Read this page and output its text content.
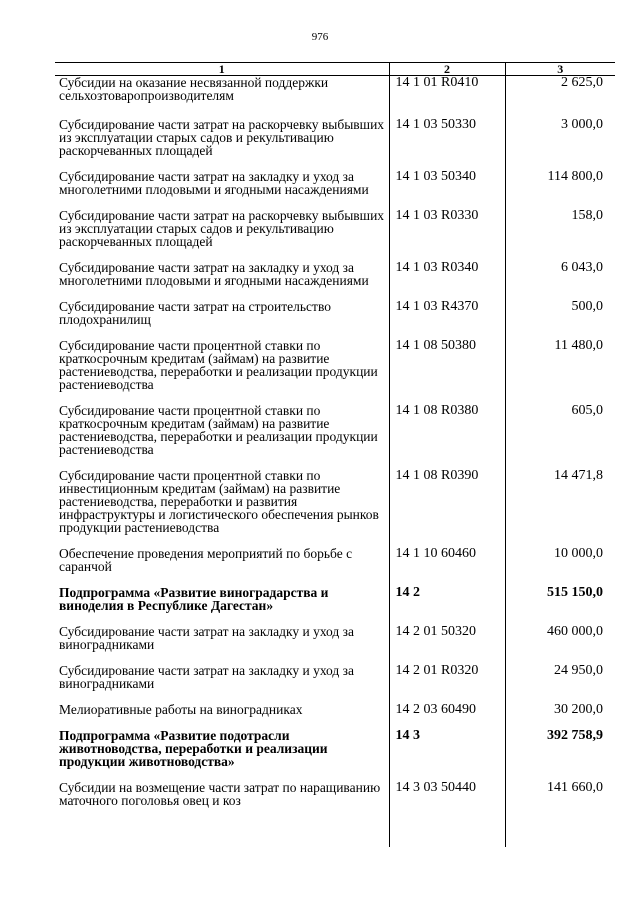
976
1	2	3
Субсидии на оказание несвязанной поддержки сельхозтоваропроизводителям	14 1 01 R0410	2 625,0
Субсидирование части затрат на раскорчевку выбывших из эксплуатации старых садов и рекультивацию раскорчеванных площадей	14 1 03 50330	3 000,0
Субсидирование части затрат на закладку и уход за многолетними плодовыми и ягодными насаждениями	14 1 03 50340	114 800,0
Субсидирование части затрат на раскорчевку выбывших из эксплуатации старых садов и рекультивацию раскорчеванных площадей	14 1 03 R0330	158,0
Субсидирование части затрат на закладку и уход за многолетними плодовыми и ягодными насаждениями	14 1 03 R0340	6 043,0
Субсидирование части затрат на строительство плодохранилищ	14 1 03 R4370	500,0
Субсидирование части процентной ставки по краткосрочным кредитам (займам) на развитие растениеводства, переработки и реализации продукции растениеводства	14 1 08 50380	11 480,0
Субсидирование части процентной ставки по краткосрочным кредитам (займам) на развитие растениеводства, переработки и реализации продукции растениеводства	14 1 08 R0380	605,0
Субсидирование части процентной ставки по инвестиционным кредитам (займам) на развитие растениеводства, переработки и развития инфраструктуры и логистического обеспечения рынков продукции растениеводства	14 1 08 R0390	14 471,8
Обеспечение проведения мероприятий по борьбе с саранчой	14 1 10 60460	10 000,0
Подпрограмма «Развитие виноградарства и виноделия в Республике Дагестан»	14 2	515 150,0
Субсидирование части затрат на закладку и уход за виноградниками	14 2 01 50320	460 000,0
Субсидирование части затрат на закладку и уход за виноградниками	14 2 01 R0320	24 950,0
Мелиоративные работы на виноградниках	14 2 03 60490	30 200,0
Подпрограмма «Развитие подотрасли животноводства, переработки и реализации продукции животноводства»	14 3	392 758,9
Субсидии на возмещение части затрат по наращиванию маточного поголовья овец и коз	14 3 03 50440	141 660,0
